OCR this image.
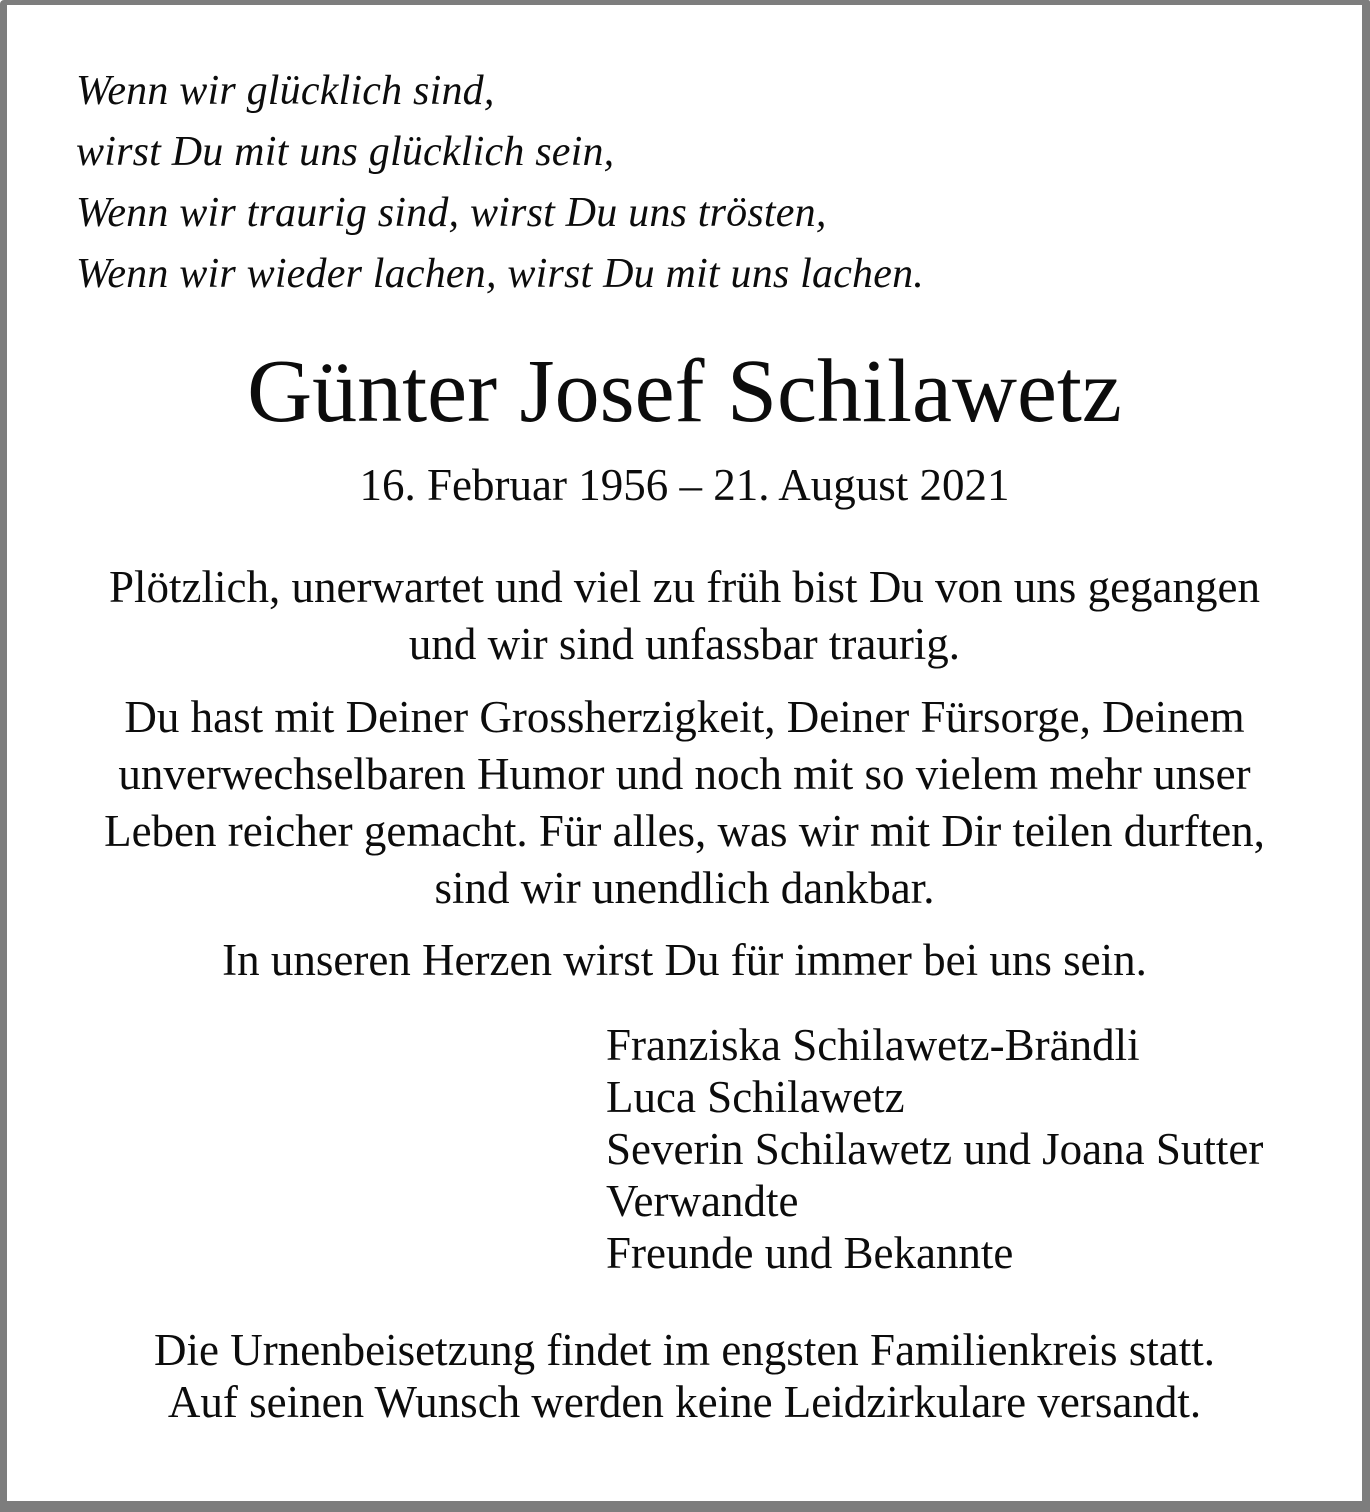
Wenn wir glücklich sind,
wirst Du mit uns glücklich sein,
Wenn wir traurig sind, wirst Du uns trösten,
Wenn wir wieder lachen, wirst Du mit uns lachen.
Günter Josef Schilawetz
16. Februar 1956 – 21. August 2021
Plötzlich, unerwartet und viel zu früh bist Du von uns gegangen
und wir sind unfassbar traurig.
Du hast mit Deiner Grossherzigkeit, Deiner Fürsorge, Deinem
unverwechselbaren Humor und noch mit so vielem mehr unser
Leben reicher gemacht. Für alles, was wir mit Dir teilen durften,
sind wir unendlich dankbar.
In unseren Herzen wirst Du für immer bei uns sein.
Franziska Schilawetz-Brändli
Luca Schilawetz
Severin Schilawetz und Joana Sutter
Verwandte
Freunde und Bekannte
Die Urnenbeisetzung findet im engsten Familienkreis statt.
Auf seinen Wunsch werden keine Leidzirkulare versandt.
